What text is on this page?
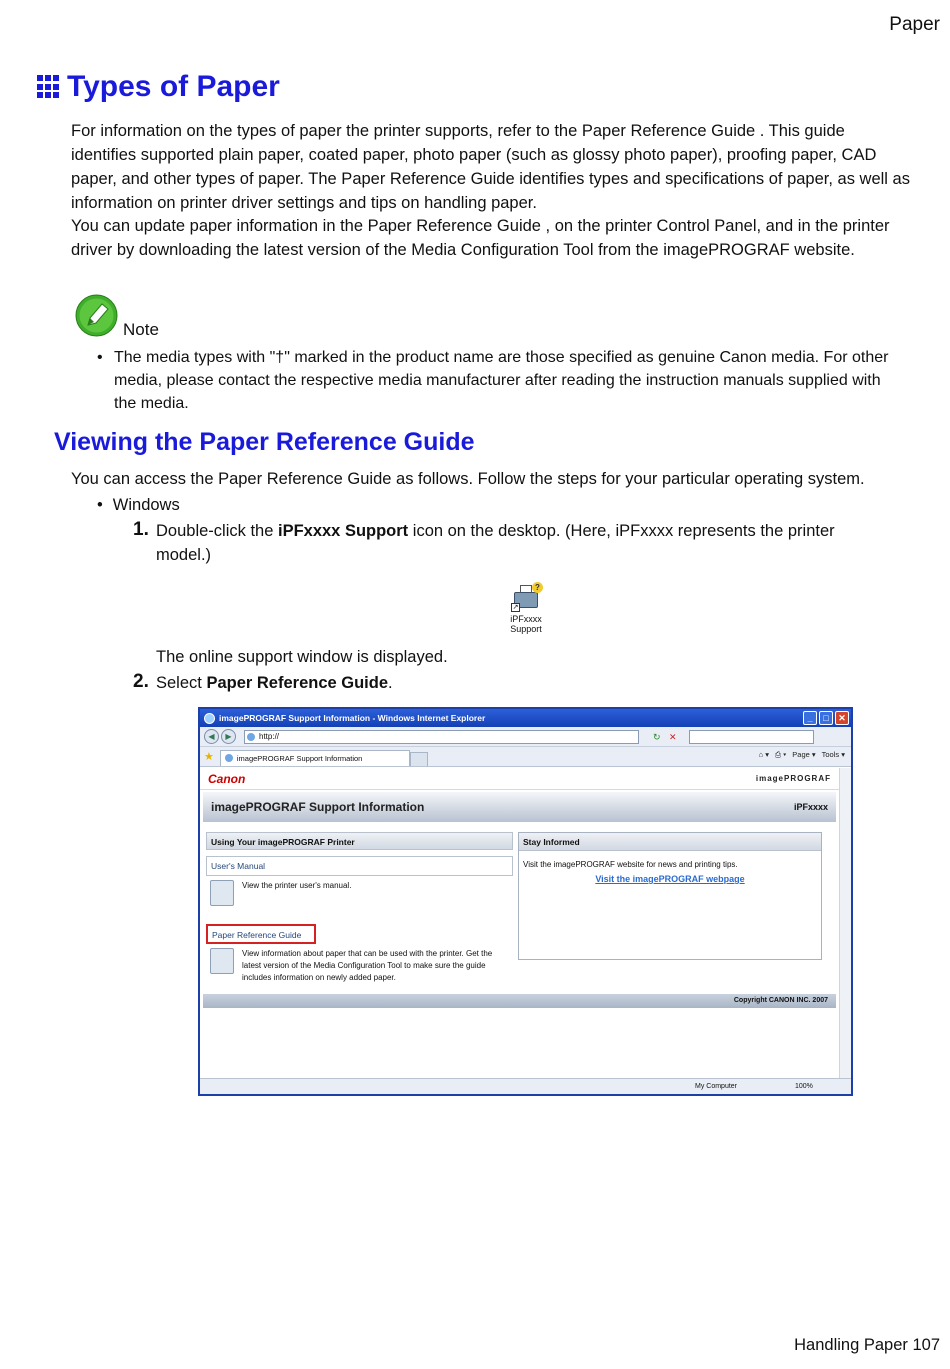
Paper
Types of Paper
For information on the types of paper the printer supports, refer to the Paper Reference Guide . This guide identifies supported plain paper, coated paper, photo paper (such as glossy photo paper), proofing paper, CAD paper, and other types of paper. The Paper Reference Guide identifies types and specifications of paper, as well as information on printer driver settings and tips on handling paper.
You can update paper information in the Paper Reference Guide , on the printer Control Panel, and in the printer driver by downloading the latest version of the Media Configuration Tool from the imagePROGRAF website.
Note
• The media types with "†" marked in the product name are those specified as genuine Canon media. For other media, please contact the respective media manufacturer after reading the instruction manuals supplied with the media.
Viewing the Paper Reference Guide
You can access the Paper Reference Guide as follows. Follow the steps for your particular operating system.
• Windows
1. Double-click the iPFxxxx Support icon on the desktop. (Here, iPFxxxx represents the printer model.)
?
↗
iPFxxxx
Support
The online support window is displayed.
2. Select Paper Reference Guide.
imagePROGRAF Support Information - Windows Internet Explorer	_	□	✕
◀	▶	http://	↻ ✕
★	imagePROGRAF Support Information	⌂ ▾ ⎙ ▾ Page ▾ Tools ▾
Canon	imagePROGRAF
imagePROGRAF Support Information	iPFxxxx
Using Your imagePROGRAF Printer
User's Manual
View the printer user's manual.
Paper Reference Guide
View information about paper that can be used with the printer. Get the latest version of the Media Configuration Tool to make sure the guide includes information on newly added paper.
Stay Informed
Visit the imagePROGRAF website for news and printing tips.
Visit the imagePROGRAF webpage
Copyright CANON INC. 2007
My Computer	100%
Handling Paper 107
